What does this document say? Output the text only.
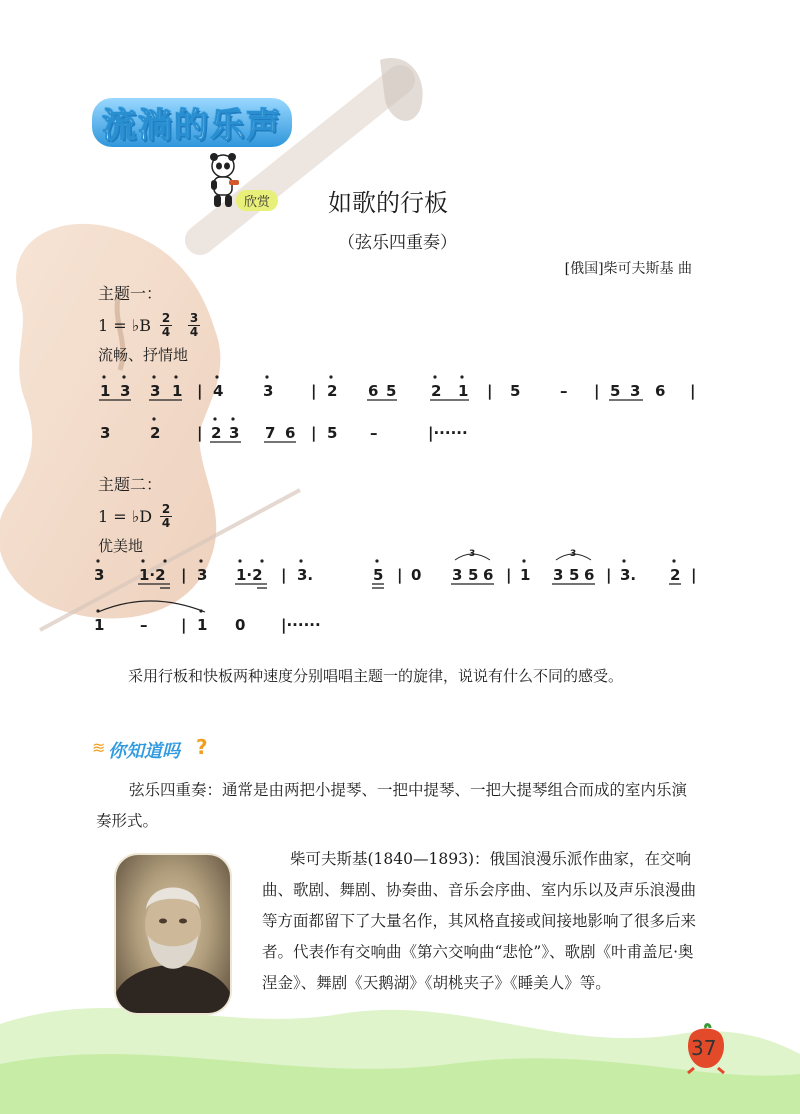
流淌的乐声
欣赏	如歌的行板
（弦乐四重奏）
[俄国]柴可夫斯基 曲
主题一：
1 = ♭B $\frac{2}{4} \frac{3}{4}$
流畅、抒情地
主题二：
1 = ♭D $\frac{2}{4}$
优美地
1 3 3 1 | 4	3	| 2 6 5 2 1 | 5	– | 5 3 6 |
3	2 | 2 3 7 6 | 5 –	|······
3 1·2 | 3 1·2 | 3.	5 | 0 3 5 6
3
| 1 3 5 6
3
| 3. 2 |
1 – | 1 0 |······
采用行板和快板两种速度分别唱唱主题一的旋律，说说有什么不同的感受。
≋ 你知道吗 ?
弦乐四重奏：通常是由两把小提琴、一把中提琴、一把大提琴组合而成的室内乐演奏形式。
柴可夫斯基(1840—1893)：俄国浪漫乐派作曲家，在交响曲、歌剧、舞剧、协奏曲、音乐会序曲、室内乐以及声乐浪漫曲等方面都留下了大量名作，其风格直接或间接地影响了很多后来者。代表作有交响曲《第六交响曲“悲怆”》、歌剧《叶甫盖尼·奥涅金》、舞剧《天鹅湖》《胡桃夹子》《睡美人》等。
37
